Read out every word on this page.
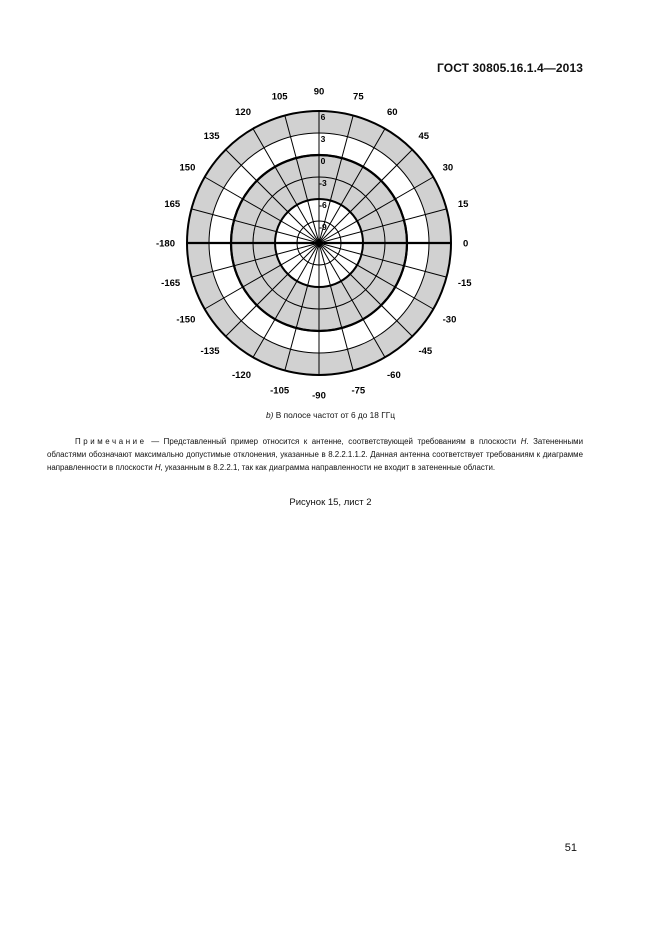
ГОСТ 30805.16.1.4—2013
0
15
30
45
60
75
90
105
120
135
150
165
-180
-165
-150
-135
-120
-105 -90	-75
-60
-45
-30
-15
6
3
0
-3
-6
-9
b) В полосе частот от 6 до 18 ГГц

Примечание — Представленный пример относится к антенне, соответствующей требованиям в плоскости H. Затененными областями обозначают максимально допустимые отклонения, указанные в 8.2.2.1.1.2. Данная антенна соответствует требованиям к диаграмме направленности в плоскости H, указанным в 8.2.2.1, так как диаграмма направленности не входит в затененные области.

Рисунок 15, лист 2
51
